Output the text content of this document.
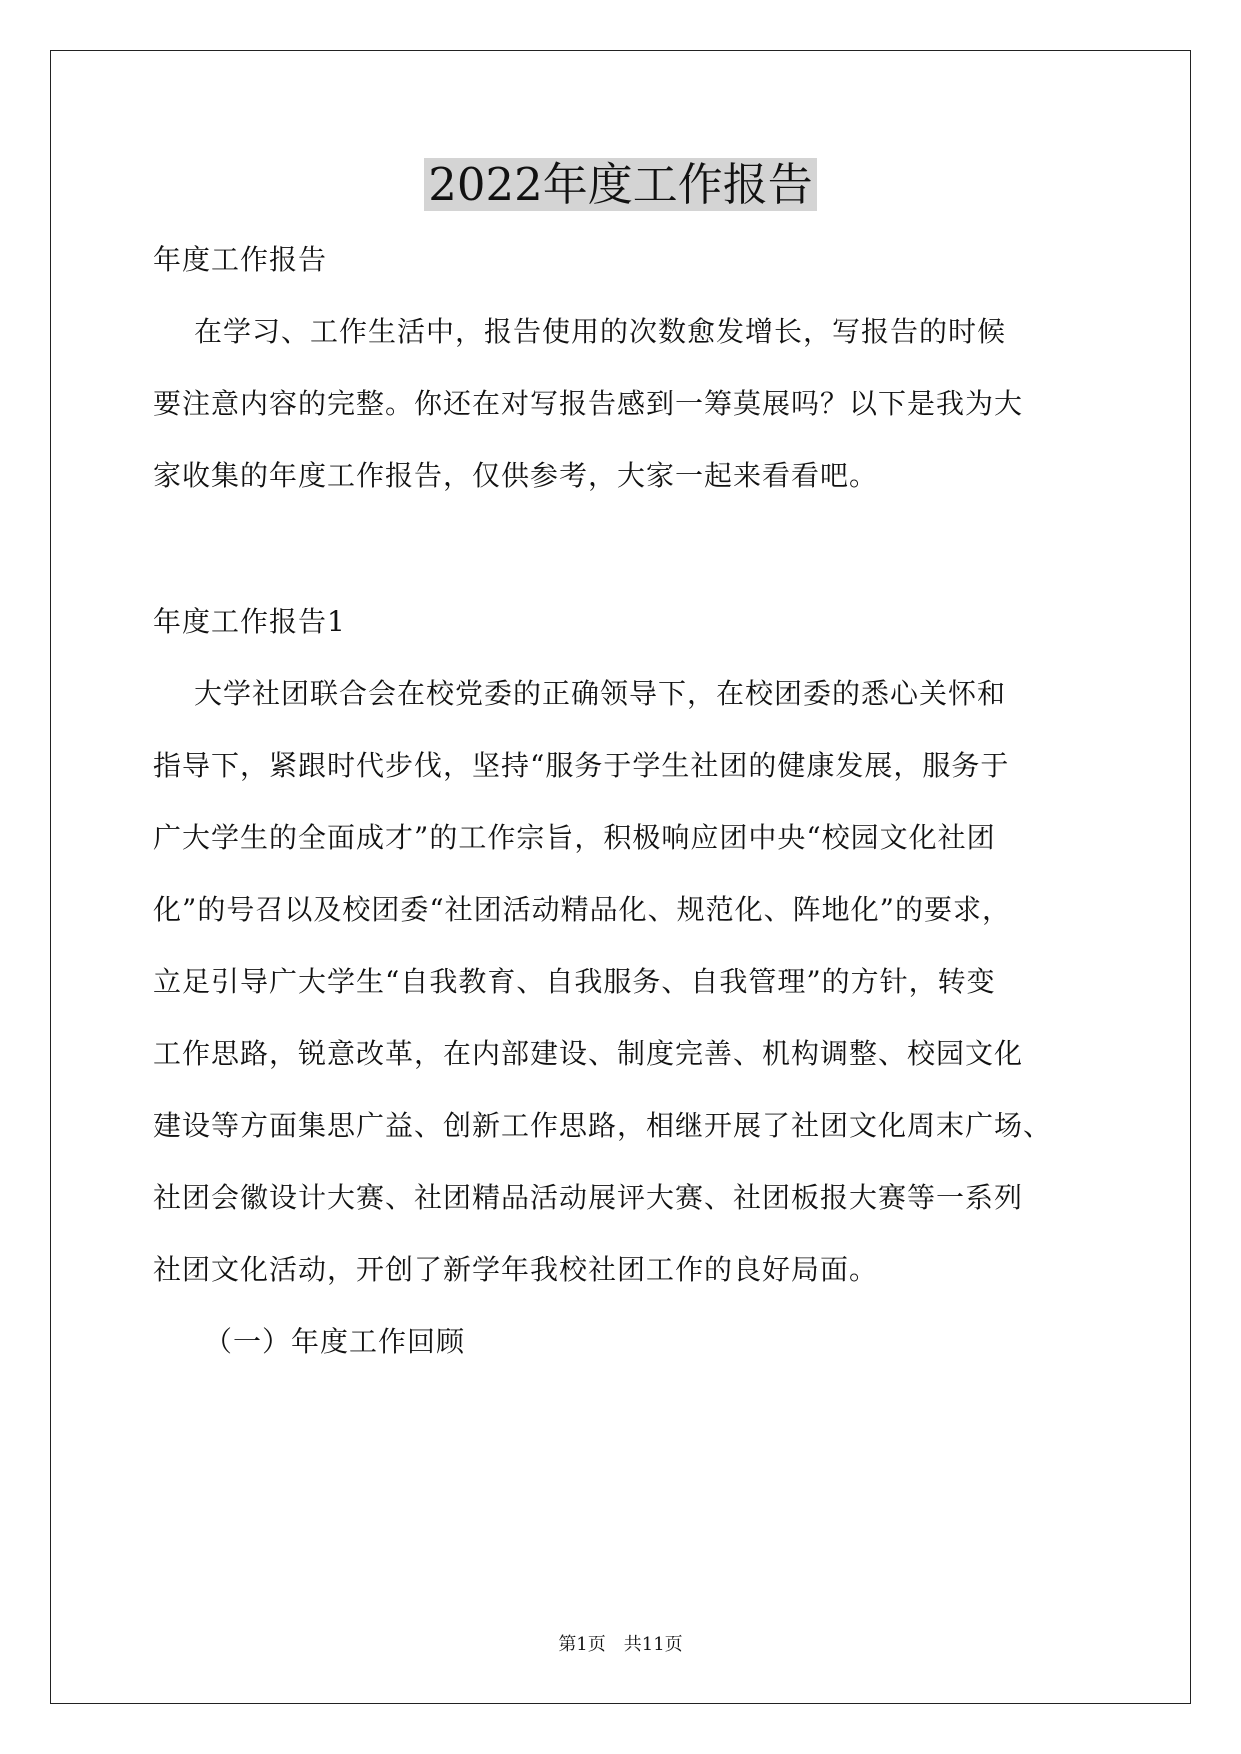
2022年度工作报告
年度工作报告
在学习、工作生活中，报告使用的次数愈发增长，写报告的时候
要注意内容的完整。你还在对写报告感到一筹莫展吗？以下是我为大
家收集的年度工作报告，仅供参考，大家一起来看看吧。
年度工作报告1
大学社团联合会在校党委的正确领导下，在校团委的悉心关怀和
指导下，紧跟时代步伐，坚持“服务于学生社团的健康发展，服务于
广大学生的全面成才”的工作宗旨，积极响应团中央“校园文化社团
化”的号召以及校团委“社团活动精品化、规范化、阵地化”的要求，
立足引导广大学生“自我教育、自我服务、自我管理”的方针，转变
工作思路，锐意改革，在内部建设、制度完善、机构调整、校园文化
建设等方面集思广益、创新工作思路，相继开展了社团文化周末广场、
社团会徽设计大赛、社团精品活动展评大赛、社团板报大赛等一系列
社团文化活动，开创了新学年我校社团工作的良好局面。
（一）年度工作回顾
第1页　共11页
